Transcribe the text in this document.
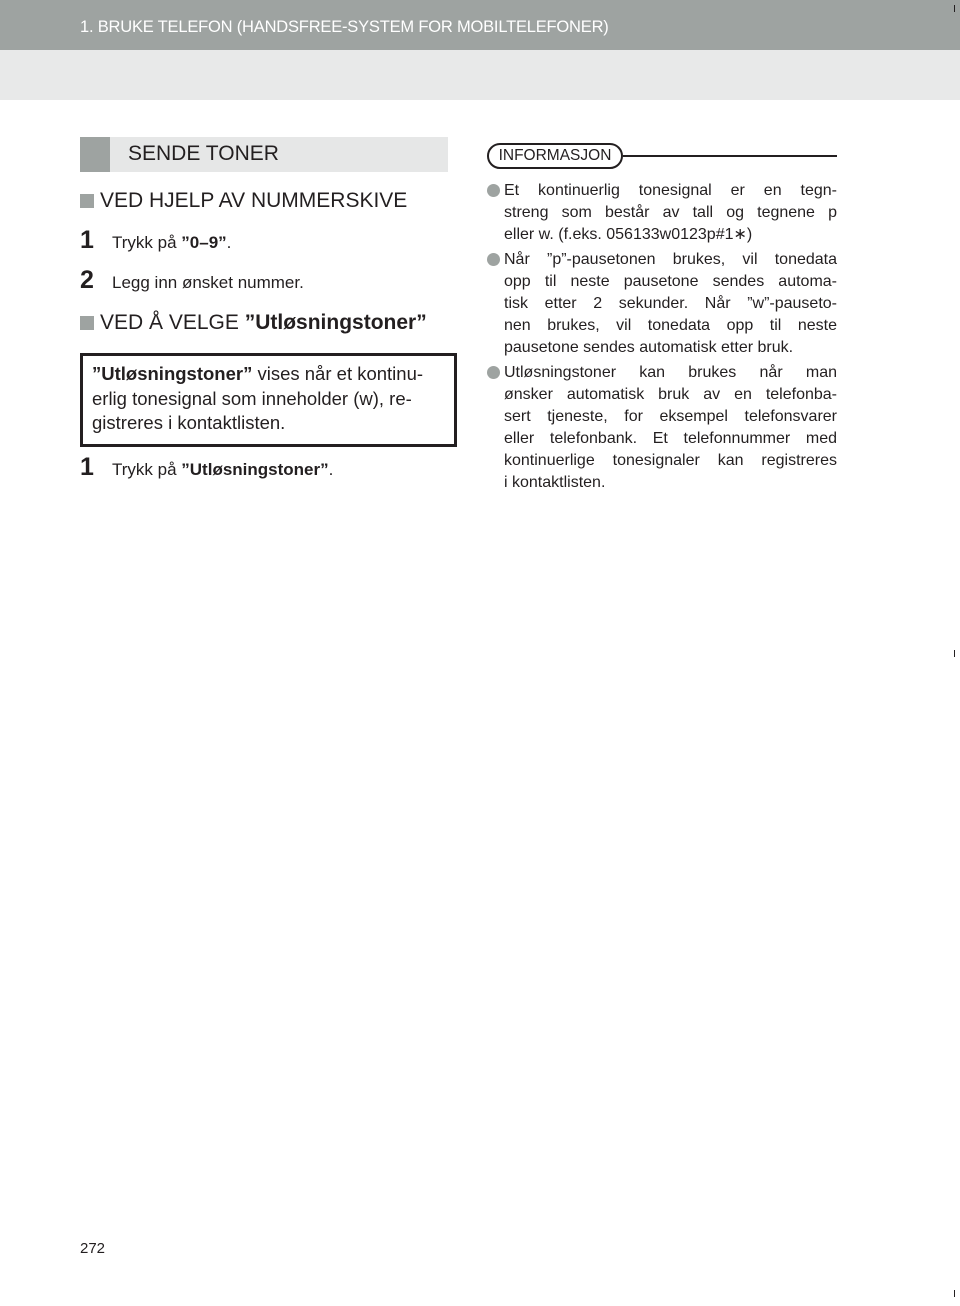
1. BRUKE TELEFON (HANDSFREE-SYSTEM FOR MOBILTELEFONER)
SENDE TONER
VED HJELP AV NUMMERSKIVE
1	Trykk på ”0–9”.
2	Legg inn ønsket nummer.
VED Å VELGE ”Utløsningstoner”
”Utløsningstoner” vises når et kontinu-
erlig tonesignal som inneholder (w), re-
gistreres i kontaktlisten.
1	Trykk på ”Utløsningstoner”.
INFORMASJON
Et kontinuerlig tonesignal er en tegn-
streng som består av tall og tegnene p
eller w. (f.eks. 056133w0123p#1∗)
Når ”p”-pausetonen brukes, vil tonedata
opp til neste pausetone sendes automa-
tisk etter 2 sekunder. Når ”w”-pauseto-
nen brukes, vil tonedata opp til neste
pausetone sendes automatisk etter bruk.
Utløsningstoner kan brukes når man
ønsker automatisk bruk av en telefonba-
sert tjeneste, for eksempel telefonsvarer
eller telefonbank. Et telefonnummer med
kontinuerlige tonesignaler kan registreres
i kontaktlisten.
272
